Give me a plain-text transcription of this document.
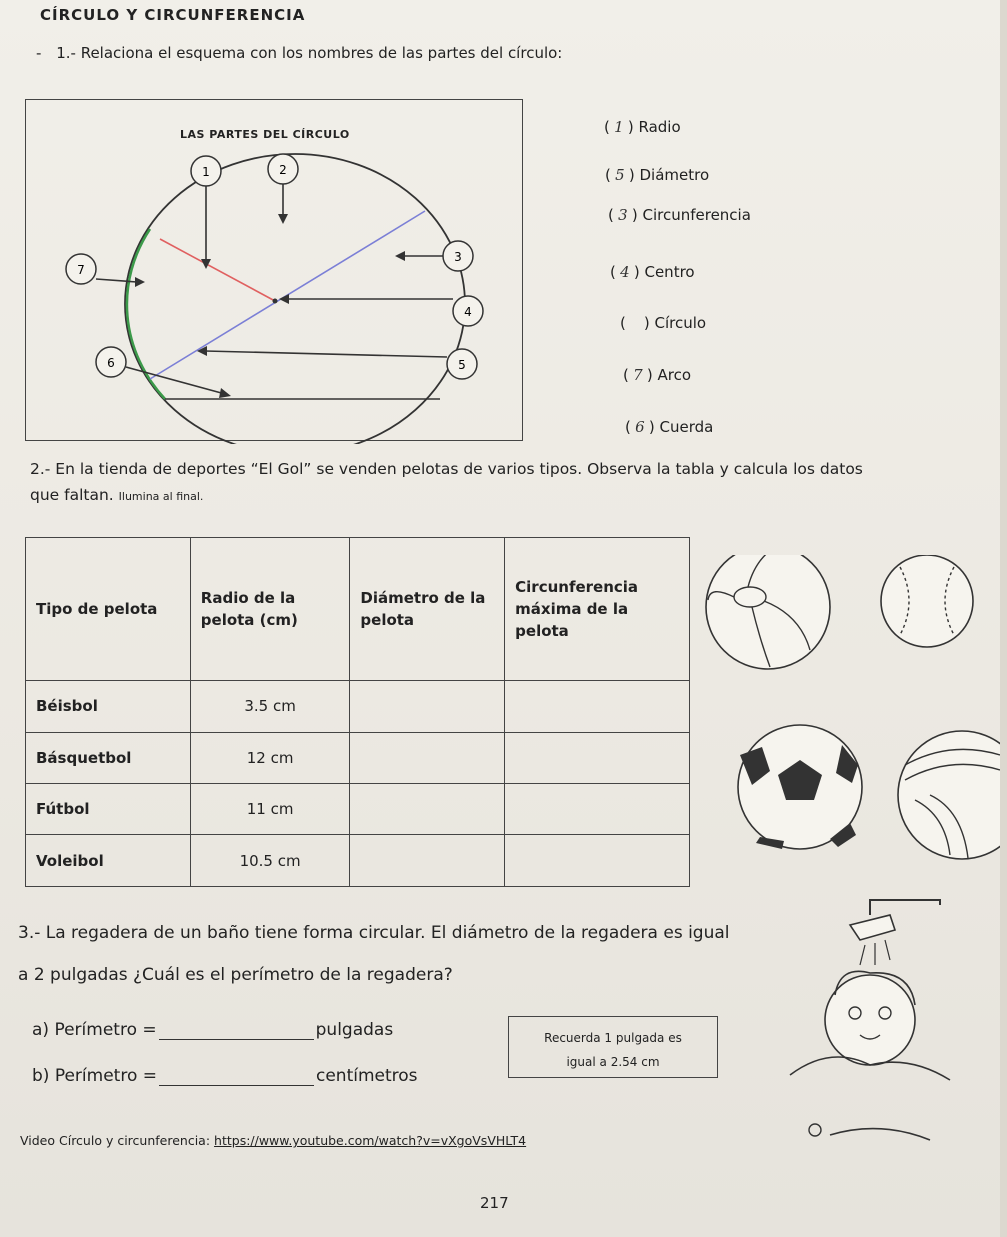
CÍRCULO Y CIRCUNFERENCIA
- 1.- Relaciona el esquema con los nombres de las partes del círculo:
LAS PARTES DEL CÍRCULO
1	2
3
4
5
6
7
( 1 ) Radio
( 5 ) Diámetro
( 3 ) Circunferencia
( 4 ) Centro
( ) Círculo
( 7 ) Arco
( 6 ) Cuerda
2.- En la tienda de deportes “El Gol” se venden pelotas de varios tipos. Observa la tabla y calcula los datos que faltan. Ilumina al final.
Tipo de pelota	Radio de la pelota (cm)	Diámetro de la pelota	Circunferencia máxima de la pelota
Béisbol	3.5 cm		
Básquetbol	12 cm		
Fútbol	11 cm		
Voleibol	10.5 cm		
3.- La regadera de un baño tiene forma circular. El diámetro de la regadera es igual a 2 pulgadas ¿Cuál es el perímetro de la regadera?
a) Perímetro =	pulgadas
b) Perímetro =	centímetros
Recuerda 1 pulgada es
igual a 2.54 cm
Video Círculo y circunferencia: https://www.youtube.com/watch?v=vXgoVsVHLT4
217
